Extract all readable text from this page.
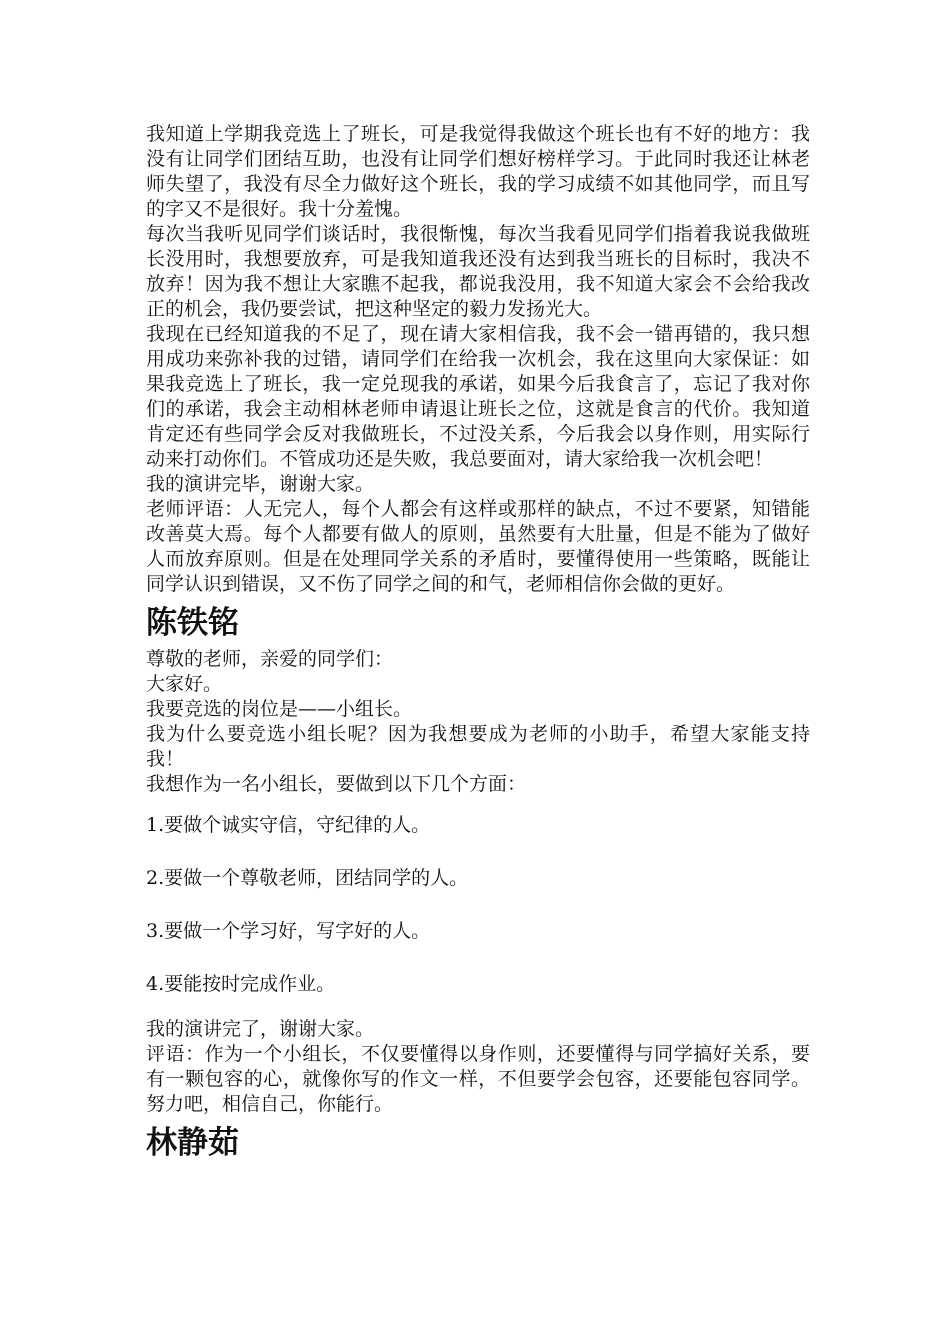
我知道上学期我竞选上了班长，可是我觉得我做这个班长也有不好的地方：我没有让同学们团结互助，也没有让同学们想好榜样学习。于此同时我还让林老师失望了，我没有尽全力做好这个班长，我的学习成绩不如其他同学，而且写的字又不是很好。我十分羞愧。

每次当我听见同学们谈话时，我很惭愧，每次当我看见同学们指着我说我做班长没用时，我想要放弃，可是我知道我还没有达到我当班长的目标时，我决不放弃！因为我不想让大家瞧不起我，都说我没用，我不知道大家会不会给我改正的机会，我仍要尝试，把这种坚定的毅力发扬光大。

我现在已经知道我的不足了，现在请大家相信我，我不会一错再错的，我只想用成功来弥补我的过错，请同学们在给我一次机会，我在这里向大家保证：如果我竞选上了班长，我一定兑现我的承诺，如果今后我食言了，忘记了我对你们的承诺，我会主动相林老师申请退让班长之位，这就是食言的代价。我知道肯定还有些同学会反对我做班长，不过没关系，今后我会以身作则，用实际行动来打动你们。不管成功还是失败，我总要面对，请大家给我一次机会吧！

我的演讲完毕，谢谢大家。

老师评语：人无完人，每个人都会有这样或那样的缺点，不过不要紧，知错能改善莫大焉。每个人都要有做人的原则，虽然要有大肚量，但是不能为了做好人而放弃原则。但是在处理同学关系的矛盾时，要懂得使用一些策略，既能让同学认识到错误，又不伤了同学之间的和气，老师相信你会做的更好。

陈铁铭

尊敬的老师，亲爱的同学们：

大家好。

我要竞选的岗位是——小组长。

我为什么要竞选小组长呢？因为我想要成为老师的小助手，希望大家能支持我！

我想作为一名小组长，要做到以下几个方面：

1.要做个诚实守信，守纪律的人。

2.要做一个尊敬老师，团结同学的人。

3.要做一个学习好，写字好的人。

4.要能按时完成作业。

我的演讲完了，谢谢大家。

评语：作为一个小组长，不仅要懂得以身作则，还要懂得与同学搞好关系，要有一颗包容的心，就像你写的作文一样，不但要学会包容，还要能包容同学。努力吧，相信自己，你能行。

林静茹
